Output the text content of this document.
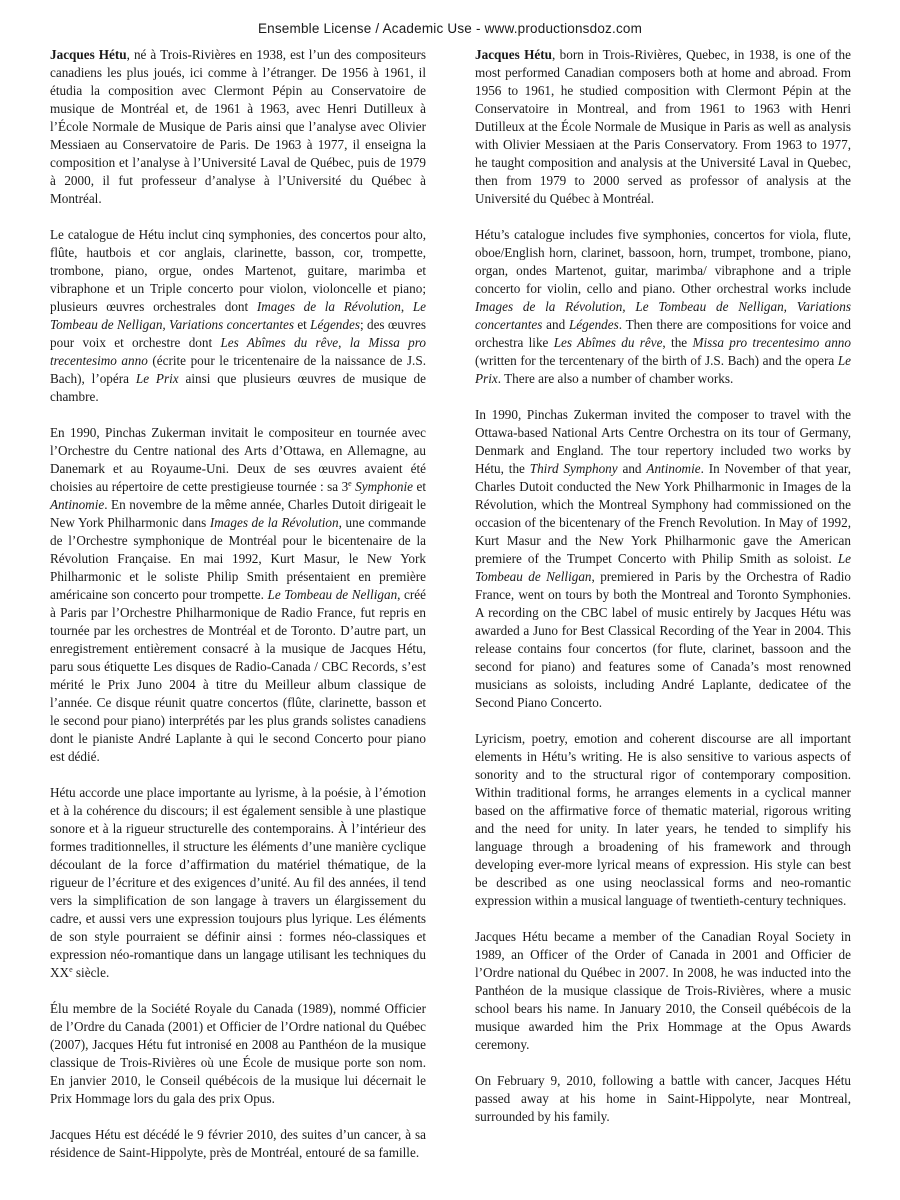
Ensemble License / Academic Use - www.productionsdoz.com

Jacques Hétu, né à Trois-Rivières en 1938, est l’un des compositeurs canadiens les plus joués, ici comme à l’étranger. De 1956 à 1961, il étudia la composition avec Clermont Pépin au Conservatoire de musique de Montréal et, de 1961 à 1963, avec Henri Dutilleux à l’École Normale de Musique de Paris ainsi que l’analyse avec Olivier Messiaen au Conservatoire de Paris. De 1963 à 1977, il enseigna la composition et l’analyse à l’Université Laval de Québec, puis de 1979 à 2000, il fut professeur d’analyse à l’Université du Québec à Montréal.

Le catalogue de Hétu inclut cinq symphonies, des concertos pour alto, flûte, hautbois et cor anglais, clarinette, basson, cor, trompette, trombone, piano, orgue, ondes Martenot, guitare, marimba et vibraphone et un Triple concerto pour violon, violoncelle et piano; plusieurs œuvres orchestrales dont Images de la Révolution, Le Tombeau de Nelligan, Variations concertantes et Légendes; des œuvres pour voix et orchestre dont Les Abîmes du rêve, la Missa pro trecentesimo anno (écrite pour le tricentenaire de la naissance de J.S. Bach), l’opéra Le Prix ainsi que plusieurs œuvres de musique de chambre.

En 1990, Pinchas Zukerman invitait le compositeur en tournée avec l’Orchestre du Centre national des Arts d’Ottawa, en Allemagne, au Danemark et au Royaume-Uni. Deux de ses œuvres avaient été choisies au répertoire de cette prestigieuse tournée : sa 3e Symphonie et Antinomie. En novembre de la même année, Charles Dutoit dirigeait le New York Philharmonic dans Images de la Révolution, une commande de l’Orchestre symphonique de Montréal pour le bicentenaire de la Révolution Française. En mai 1992, Kurt Masur, le New York Philharmonic et le soliste Philip Smith présentaient en première américaine son concerto pour trompette. Le Tombeau de Nelligan, créé à Paris par l’Orchestre Philharmonique de Radio France, fut repris en tournée par les orchestres de Montréal et de Toronto. D’autre part, un enregistrement entièrement consacré à la musique de Jacques Hétu, paru sous étiquette Les disques de Radio-Canada / CBC Records, s’est mérité le Prix Juno 2004 à titre du Meilleur album classique de l’année. Ce disque réunit quatre concertos (flûte, clarinette, basson et le second pour piano) interprétés par les plus grands solistes canadiens dont le pianiste André Laplante à qui le second Concerto pour piano est dédié.

Hétu accorde une place importante au lyrisme, à la poésie, à l’émotion et à la cohérence du discours; il est également sensible à une plastique sonore et à la rigueur structurelle des contemporains. À l’intérieur des formes traditionnelles, il structure les éléments d’une manière cyclique découlant de la force d’affirmation du matériel thématique, de la rigueur de l’écriture et des exigences d’unité. Au fil des années, il tend vers la simplification de son langage à travers un élargissement du cadre, et aussi vers une expression toujours plus lyrique. Les éléments de son style pourraient se définir ainsi : formes néo-classiques et expression néo-romantique dans un langage utilisant les techniques du XXe siècle.

Élu membre de la Société Royale du Canada (1989), nommé Officier de l’Ordre du Canada (2001) et Officier de l’Ordre national du Québec (2007), Jacques Hétu fut intronisé en 2008 au Panthéon de la musique classique de Trois-Rivières où une École de musique porte son nom. En janvier 2010, le Conseil québécois de la musique lui décernait le Prix Hommage lors du gala des prix Opus.

Jacques Hétu est décédé le 9 février 2010, des suites d’un cancer, à sa résidence de Saint-Hippolyte, près de Montréal, entouré de sa famille.

Jacques Hétu, born in Trois-Rivières, Quebec, in 1938, is one of the most performed Canadian composers both at home and abroad. From 1956 to 1961, he studied composition with Clermont Pépin at the Conservatoire in Montreal, and from 1961 to 1963 with Henri Dutilleux at the École Normale de Musique in Paris as well as analysis with Olivier Messiaen at the Paris Conservatory. From 1963 to 1977, he taught composition and analysis at the Université Laval in Quebec, then from 1979 to 2000 served as professor of analysis at the Université du Québec à Montréal.

Hétu’s catalogue includes five symphonies, concertos for viola, flute, oboe/English horn, clarinet, bassoon, horn, trumpet, trombone, piano, organ, ondes Martenot, guitar, marimba/ vibraphone and a triple concerto for violin, cello and piano. Other orchestral works include Images de la Révolution, Le Tombeau de Nelligan, Variations concertantes and Légendes. Then there are compositions for voice and orchestra like Les Abîmes du rêve, the Missa pro trecentesimo anno (written for the tercentenary of the birth of J.S. Bach) and the opera Le Prix. There are also a number of chamber works.

In 1990, Pinchas Zukerman invited the composer to travel with the Ottawa-based National Arts Centre Orchestra on its tour of Germany, Denmark and England. The tour repertory included two works by Hétu, the Third Symphony and Antinomie. In November of that year, Charles Dutoit conducted the New York Philharmonic in Images de la Révolution, which the Montreal Symphony had commissioned on the occasion of the bicentenary of the French Revolution. In May of 1992, Kurt Masur and the New York Philharmonic gave the American premiere of the Trumpet Concerto with Philip Smith as soloist. Le Tombeau de Nelligan, premiered in Paris by the Orchestra of Radio France, went on tours by both the Montreal and Toronto Symphonies. A recording on the CBC label of music entirely by Jacques Hétu was awarded a Juno for Best Classical Recording of the Year in 2004. This release contains four concertos (for flute, clarinet, bassoon and the second for piano) and features some of Canada’s most renowned musicians as soloists, including André Laplante, dedicatee of the Second Piano Concerto.

Lyricism, poetry, emotion and coherent discourse are all important elements in Hétu’s writing. He is also sensitive to various aspects of sonority and to the structural rigor of contemporary composition. Within traditional forms, he arranges elements in a cyclical manner based on the affirmative force of thematic material, rigorous writing and the need for unity. In later years, he tended to simplify his language through a broadening of his framework and through developing ever-more lyrical means of expression. His style can best be described as one using neoclassical forms and neo-romantic expression within a musical language of twentieth-century techniques.

Jacques Hétu became a member of the Canadian Royal Society in 1989, an Officer of the Order of Canada in 2001 and Officier de l’Ordre national du Québec in 2007. In 2008, he was inducted into the Panthéon de la musique classique de Trois-Rivières, where a music school bears his name. In January 2010, the Conseil québécois de la musique awarded him the Prix Hommage at the Opus Awards ceremony.

On February 9, 2010, following a battle with cancer, Jacques Hétu passed away at his home in Saint-Hippolyte, near Montreal, surrounded by his family.
